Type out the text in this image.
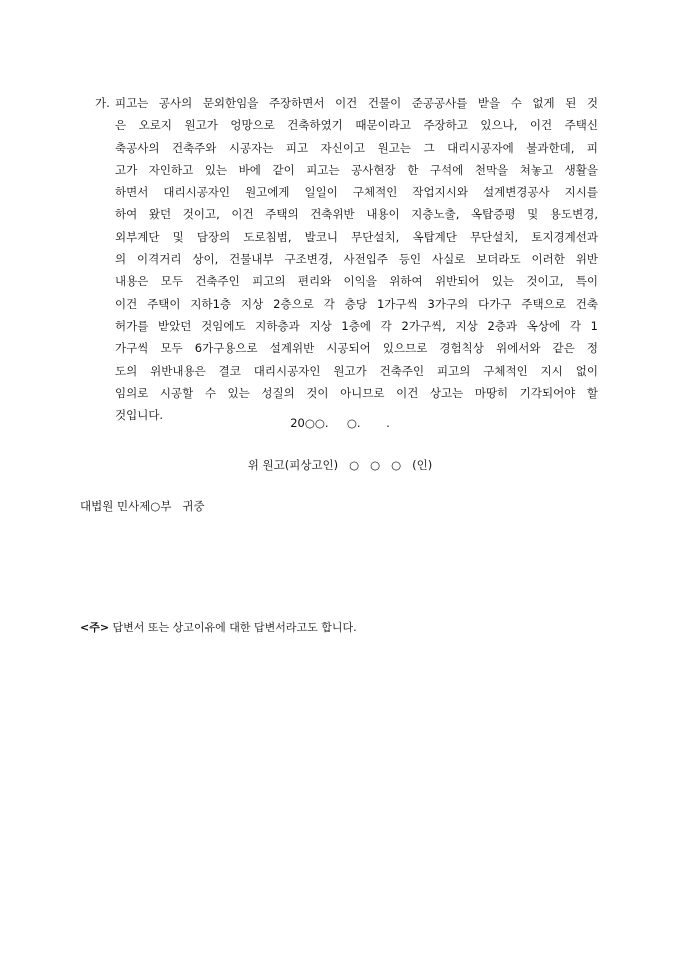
가. 피고는 공사의 문외한임을 주장하면서 이건 건물이 준공공사를 받을 수 없게 된 것
은 오로지 원고가 엉망으로 건축하였기 때문이라고 주장하고 있으나, 이건 주택신
축공사의 건축주와 시공자는 피고 자신이고 원고는 그 대리시공자에 불과한데, 피
고가 자인하고 있는 바에 같이 피고는 공사현장 한 구석에 천막을 쳐놓고 생활을
하면서 대리시공자인 원고에게 일일이 구체적인 작업지시와 설계변경공사 지시를
하여 왔던 것이고, 이건 주택의 건축위반 내용이 지층노출, 옥탑증평 및 용도변경,
외부계단 및 담장의 도로침범, 발코니 무단설치, 옥탑계단 무단설치, 토지경계선과
의 이격거리 상이, 건물내부 구조변경, 사전입주 등인 사실로 보더라도 이러한 위반
내용은 모두 건축주인 피고의 편리와 이익을 위하여 위반되어 있는 것이고, 특이
이건 주택이 지하1층 지상 2층으로 각 층당 1가구씩 3가구의 다가구 주택으로 건축
허가를 받았던 것임에도 지하층과 지상 1층에 각 2가구씩, 지상 2층과 옥상에 각 1
가구씩 모두 6가구용으로 설계위반 시공되어 있으므로 경험칙상 위에서와 같은 정
도의 위반내용은 결코 대리시공자인 원고가 건축주인 피고의 구체적인 지시 없이
임의로 시공할 수 있는 성질의 것이 아니므로 이건 상고는 마땅히 기각되어야 할
것입니다.
20○○.     ○.       .
위 원고(피상고인)   ○   ○   ○   (인)
대법원 민사제○부   귀중
<주> 답변서 또는 상고이유에 대한 답변서라고도 합니다.
